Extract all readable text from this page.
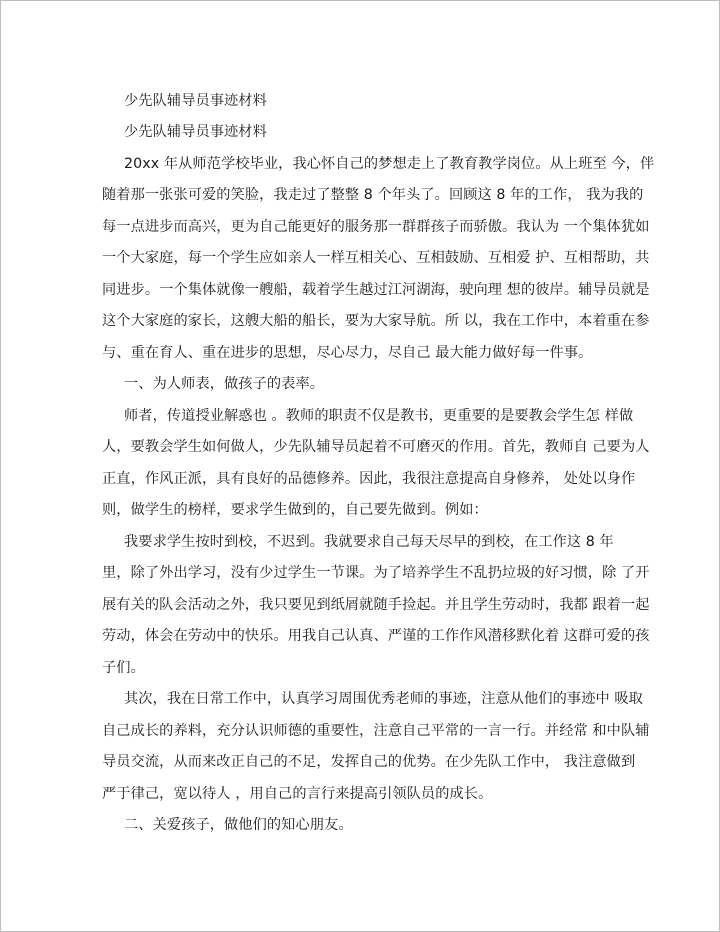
少先队辅导员事迹材料
少先队辅导员事迹材料
20xx 年从师范学校毕业，我心怀自己的梦想走上了教育教学岗位。从上班至 今，伴
随着那一张张可爱的笑脸，我走过了整整 8 个年头了。回顾这 8 年的工作， 我为我的
每一点进步而高兴，更为自己能更好的服务那一群群孩子而骄傲。我认为 一个集体犹如
一个大家庭，每一个学生应如亲人一样互相关心、互相鼓励、互相爱 护、互相帮助，共
同进步。一个集体就像一艘船，载着学生越过江河湖海，驶向理 想的彼岸。辅导员就是
这个大家庭的家长，这艘大船的船长，要为大家导航。所 以，我在工作中，本着重在参
与、重在育人、重在进步的思想，尽心尽力，尽自己 最大能力做好每一件事。
一、为人师表，做孩子的表率。
师者，传道授业解惑也 。教师的职责不仅是教书，更重要的是要教会学生怎 样做
人，要教会学生如何做人，少先队辅导员起着不可磨灭的作用。首先，教师自 己要为人
正直，作风正派，具有良好的品德修养。因此，我很注意提高自身修养， 处处以身作
则，做学生的榜样，要求学生做到的，自己要先做到。例如：
我要求学生按时到校，不迟到。我就要求自己每天尽早的到校，在工作这 8 年
里，除了外出学习，没有少过学生一节课。为了培养学生不乱扔垃圾的好习惯，除 了开
展有关的队会活动之外，我只要见到纸屑就随手捡起。并且学生劳动时，我都 跟着一起
劳动，体会在劳动中的快乐。用我自己认真、严谨的工作作风潜移默化着 这群可爱的孩
子们。
其次，我在日常工作中，认真学习周围优秀老师的事迹，注意从他们的事迹中 吸取
自己成长的养料，充分认识师德的重要性，注意自己平常的一言一行。并经常 和中队辅
导员交流，从而来改正自己的不足，发挥自己的优势。在少先队工作中， 我注意做到
严于律己，宽以待人 ，用自己的言行来提高引领队员的成长。
二、关爱孩子，做他们的知心朋友。
